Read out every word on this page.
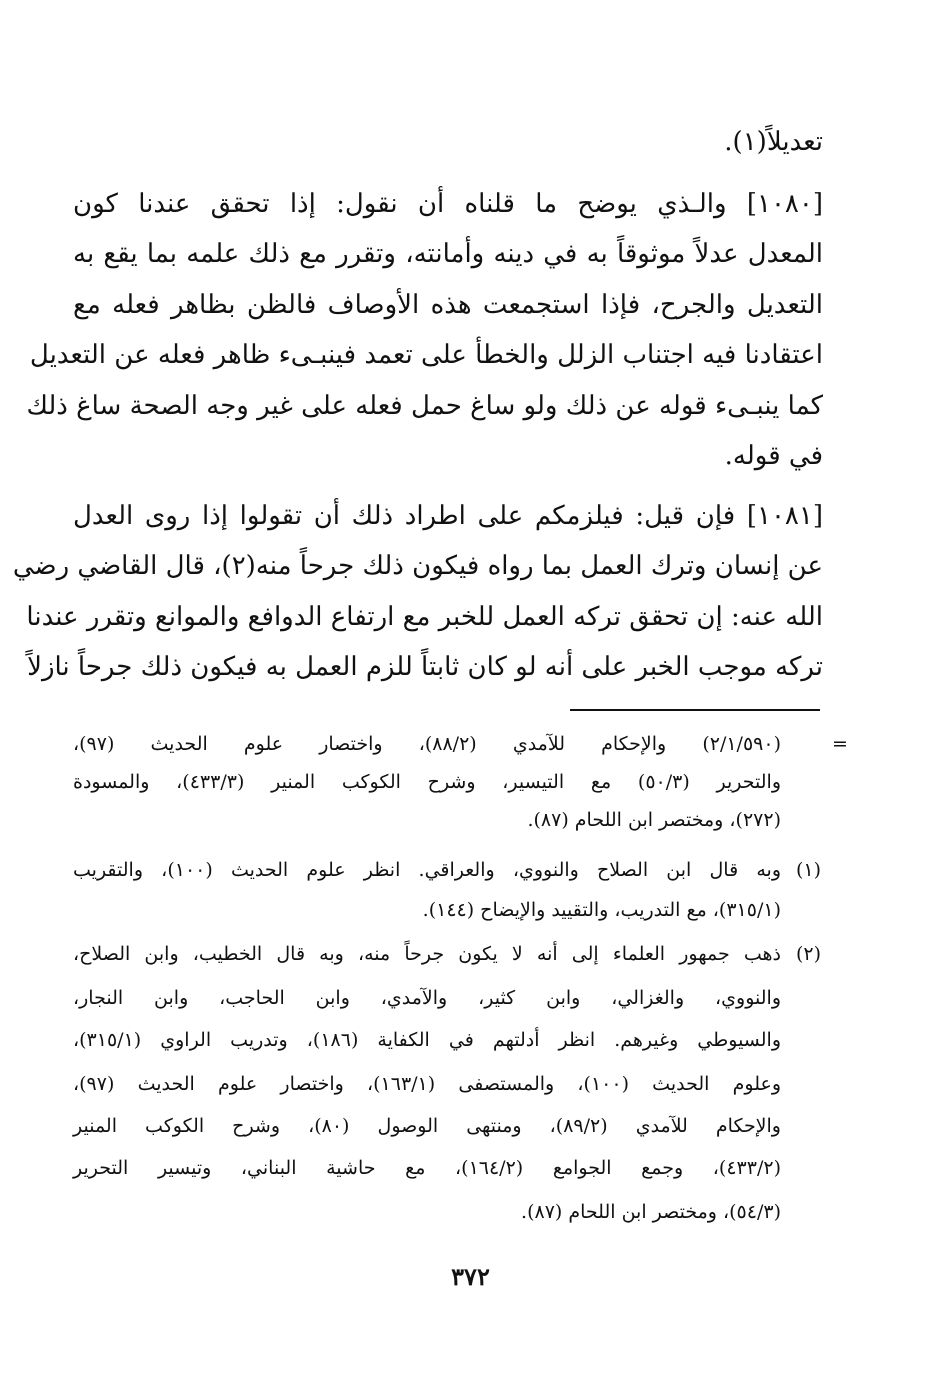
تعديلاً(١).
[١٠٨٠] والـذي يوضح ما قلناه أن نقول: إذا تحقق عندنا كون
المعدل عدلاً موثوقاً به في دينه وأمانته، وتقرر مع ذلك علمه بما يقع به
التعديل والجرح، فإذا استجمعت هذه الأوصاف فالظن بظاهر فعله مع
اعتقادنا فيه اجتناب الزلل والخطأ على تعمد فينبـىء ظاهر فعله عن التعديل
كما ينبـىء قوله عن ذلك ولو ساغ حمل فعله على غير وجه الصحة ساغ ذلك
في قوله.
[١٠٨١] فإن قيل: فيلزمكم على اطراد ذلك أن تقولوا إذا روى العدل
عن إنسان وترك العمل بما رواه فيكون ذلك جرحاً منه(٢)، قال القاضي رضي
الله عنه: إن تحقق تركه العمل للخبر مع ارتفاع الدوافع والموانع وتقرر عندنا
تركه موجب الخبر على أنه لو كان ثابتاً للزم العمل به فيكون ذلك جرحاً نازلاً
=
(٢/١/٥٩٠) والإحكام للآمدي (٨٨/٢)، واختصار علوم الحديث (٩٧)،
والتحرير (٥٠/٣) مع التيسير، وشرح الكوكب المنير (٤٣٣/٣)، والمسودة
(٢٧٢)، ومختصر ابن اللحام (٨٧).
(١)
وبه قال ابن الصلاح والنووي، والعراقي. انظر علوم الحديث (١٠٠)، والتقريب
(٣١٥/١)، مع التدريب، والتقييد والإيضاح (١٤٤).
(٢)
ذهب جمهور العلماء إلى أنه لا يكون جرحاً منه، وبه قال الخطيب، وابن الصلاح،
والنووي، والغزالي، وابن كثير، والآمدي، وابن الحاجب، وابن النجار،
والسيوطي وغيرهم. انظر أدلتهم في الكفاية (١٨٦)، وتدريب الراوي (٣١٥/١)،
وعلوم الحديث (١٠٠)، والمستصفى (١٦٣/١)، واختصار علوم الحديث (٩٧)،
والإحكام للآمدي (٨٩/٢)، ومنتهى الوصول (٨٠)، وشرح الكوكب المنير
(٤٣٣/٢)، وجمع الجوامع (١٦٤/٢)، مع حاشية البناني، وتيسير التحرير
(٥٤/٣)، ومختصر ابن اللحام (٨٧).
٣٧٢
